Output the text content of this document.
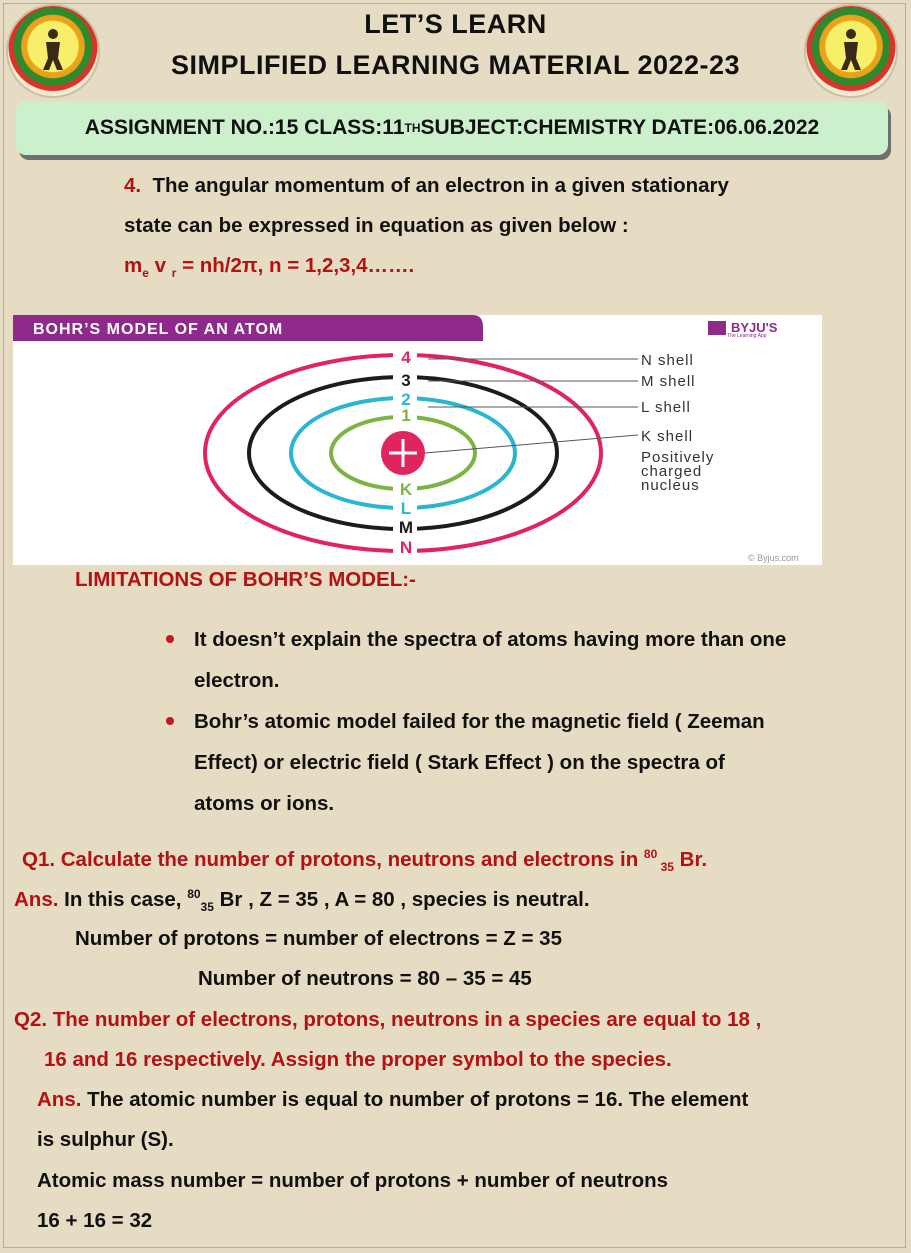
LET’S LEARN
SIMPLIFIED LEARNING MATERIAL 2022-23
ASSIGNMENT NO.:15 CLASS:11 TH SUBJECT:CHEMISTRY DATE:06.06.2022
4. The angular momentum of an electron in a given stationary
state can be expressed in equation as given below :
$m_e$ v $_r$ = nh/2π, n = 1,2,3,4…….
BOHR’S MODEL OF AN ATOM	BYJU'S
The Learning App
4
3
2
1
K
L
M
N
N shell
M shell
L shell
K shell
Positively
charged
nucleus
© Byjus.com
LIMITATIONS OF BOHR’S MODEL:-
It doesn’t explain the spectra of atoms having more than one
electron.
Bohr’s atomic model failed for the magnetic field ( Zeeman
Effect) or electric field ( Stark Effect ) on the spectra of
atoms or ions.
Q1. Calculate the number of protons, neutrons and electrons in $^{80}$ $_{35}$ Br.
Ans. In this case, $^{80}_{35}$ Br , Z = 35 , A = 80 , species is neutral.
Number of protons = number of electrons = Z = 35
Number of neutrons = 80 – 35 = 45
Q2. The number of electrons, protons, neutrons in a species are equal to 18 ,
16 and 16 respectively. Assign the proper symbol to the species.
Ans. The atomic number is equal to number of protons = 16. The element
is sulphur (S).
Atomic mass number = number of protons + number of neutrons
16 + 16 = 32
